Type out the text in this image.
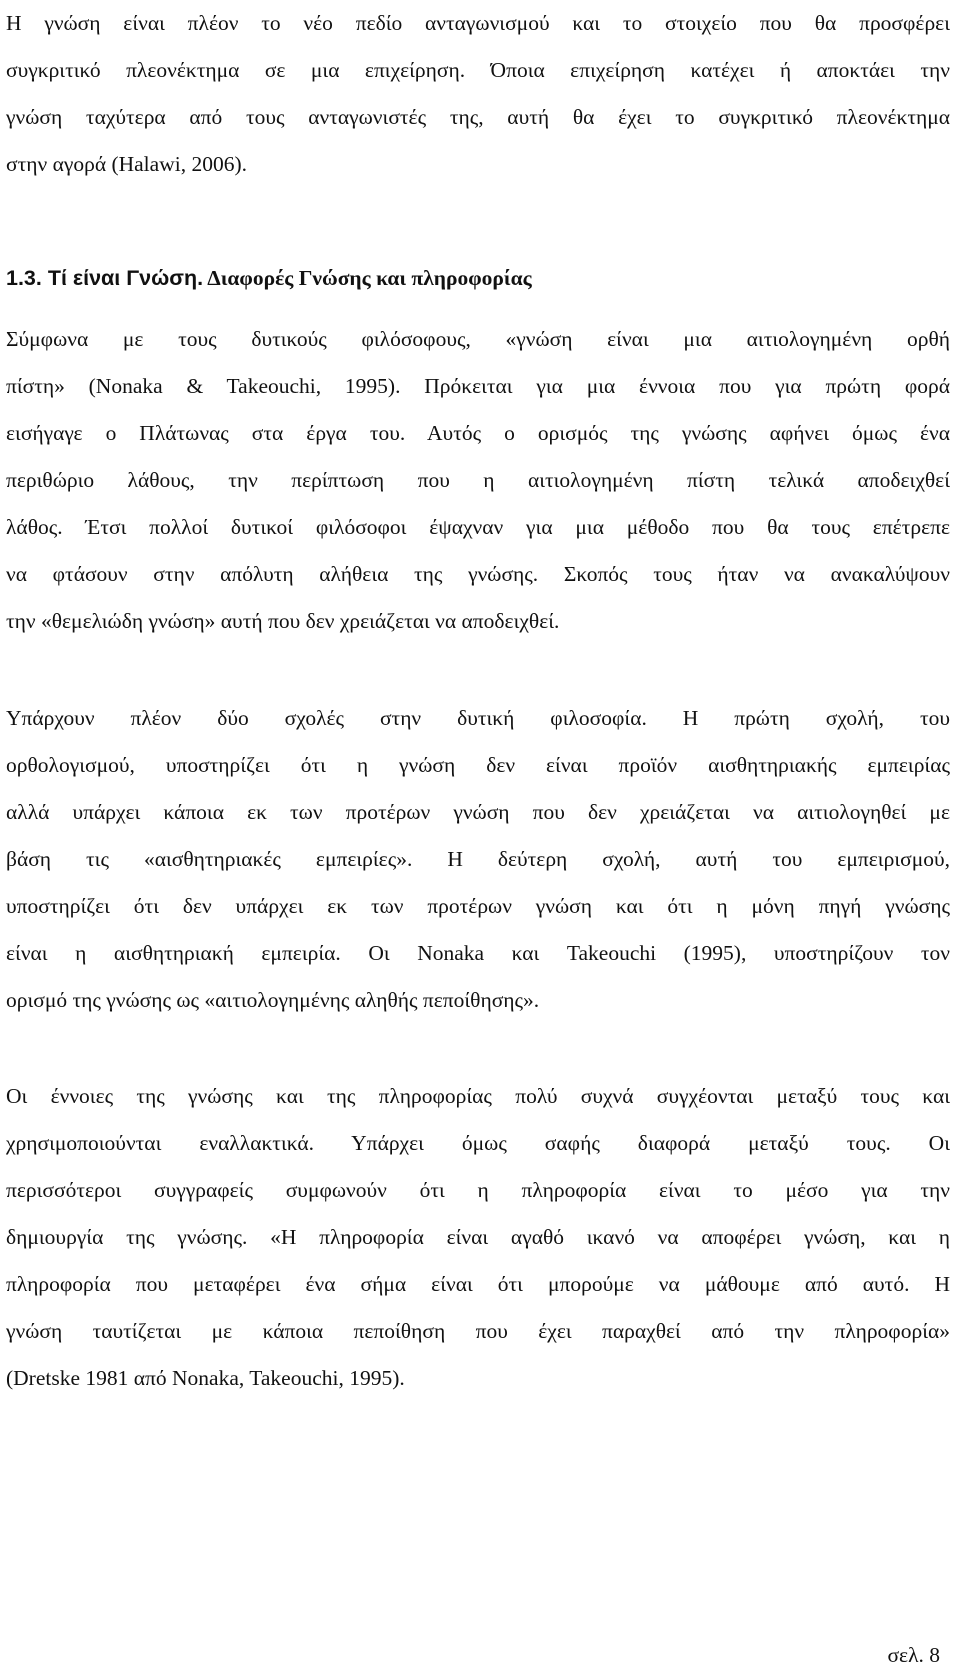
Η γνώση είναι πλέον το νέο πεδίο ανταγωνισμού και το στοιχείο που θα προσφέρει
συγκριτικό πλεονέκτημα σε μια επιχείρηση. Όποια επιχείρηση κατέχει ή αποκτάει την
γνώση ταχύτερα από τους ανταγωνιστές της, αυτή θα έχει το συγκριτικό πλεονέκτημα
στην αγορά (Halawi, 2006).
1.3. Τί είναι Γνώση. Διαφορές Γνώσης και πληροφορίας
Σύμφωνα με τους δυτικούς φιλόσοφους, «γνώση είναι μια αιτιολογημένη ορθή
πίστη» (Nonaka & Takeouchi, 1995). Πρόκειται για μια έννοια που για πρώτη φορά
εισήγαγε ο Πλάτωνας στα έργα του. Αυτός ο ορισμός της γνώσης αφήνει όμως ένα
περιθώριο λάθους, την περίπτωση που η αιτιολογημένη πίστη τελικά αποδειχθεί
λάθος. Έτσι πολλοί δυτικοί φιλόσοφοι έψαχναν για μια μέθοδο που θα τους επέτρεπε
να φτάσουν στην απόλυτη αλήθεια της γνώσης. Σκοπός τους ήταν να ανακαλύψουν
την «θεμελιώδη γνώση» αυτή που δεν χρειάζεται να αποδειχθεί.
Υπάρχουν πλέον δύο σχολές στην δυτική φιλοσοφία. Η πρώτη σχολή, του
ορθολογισμού, υποστηρίζει ότι η γνώση δεν είναι προϊόν αισθητηριακής εμπειρίας
αλλά υπάρχει κάποια εκ των προτέρων γνώση που δεν χρειάζεται να αιτιολογηθεί με
βάση τις «αισθητηριακές εμπειρίες». Η δεύτερη σχολή, αυτή του εμπειρισμού,
υποστηρίζει ότι δεν υπάρχει εκ των προτέρων γνώση και ότι η μόνη πηγή γνώσης
είναι η αισθητηριακή εμπειρία. Οι Nonaka και Takeouchi (1995), υποστηρίζουν τον
ορισμό της γνώσης ως «αιτιολογημένης αληθής πεποίθησης».
Οι έννοιες της γνώσης και της πληροφορίας πολύ συχνά συγχέονται μεταξύ τους και
χρησιμοποιούνται εναλλακτικά. Υπάρχει όμως σαφής διαφορά μεταξύ τους. Οι
περισσότεροι συγγραφείς συμφωνούν ότι η πληροφορία είναι το μέσο για την
δημιουργία της γνώσης. «Η πληροφορία είναι αγαθό ικανό να αποφέρει γνώση, και η
πληροφορία που μεταφέρει ένα σήμα είναι ότι μπορούμε να μάθουμε από αυτό. Η
γνώση ταυτίζεται με κάποια πεποίθηση που έχει παραχθεί από την πληροφορία»
(Dretske 1981 από Nonaka, Takeouchi, 1995).
σελ. 8
